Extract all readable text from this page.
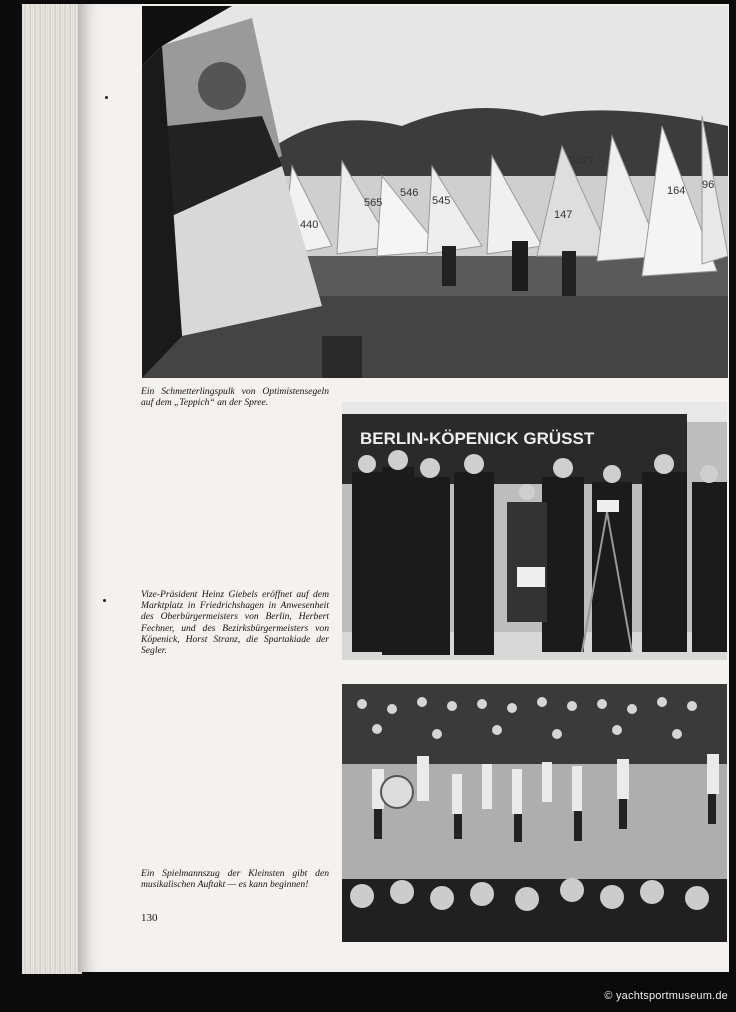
440
565
546
545
147
164
3027
96

Ein Schmetterlingspulk von Optimistensegeln auf dem „Teppich“ an der Spree.

BERLIN-KÖPENICK GRÜSST

Vize-Präsident Heinz Giebels eröffnet auf dem Marktplatz in Friedrichshagen in Anwesenheit des Oberbürgermeisters von Berlin, Herbert Fechner, und des Bezirksbürgermeisters von Köpenick, Horst Stranz, die Spartakiade der Segler.

Ein Spielmannszug der Kleinsten gibt den musikalischen Auftakt — es kann beginnen!

130
© yachtsportmuseum.de
